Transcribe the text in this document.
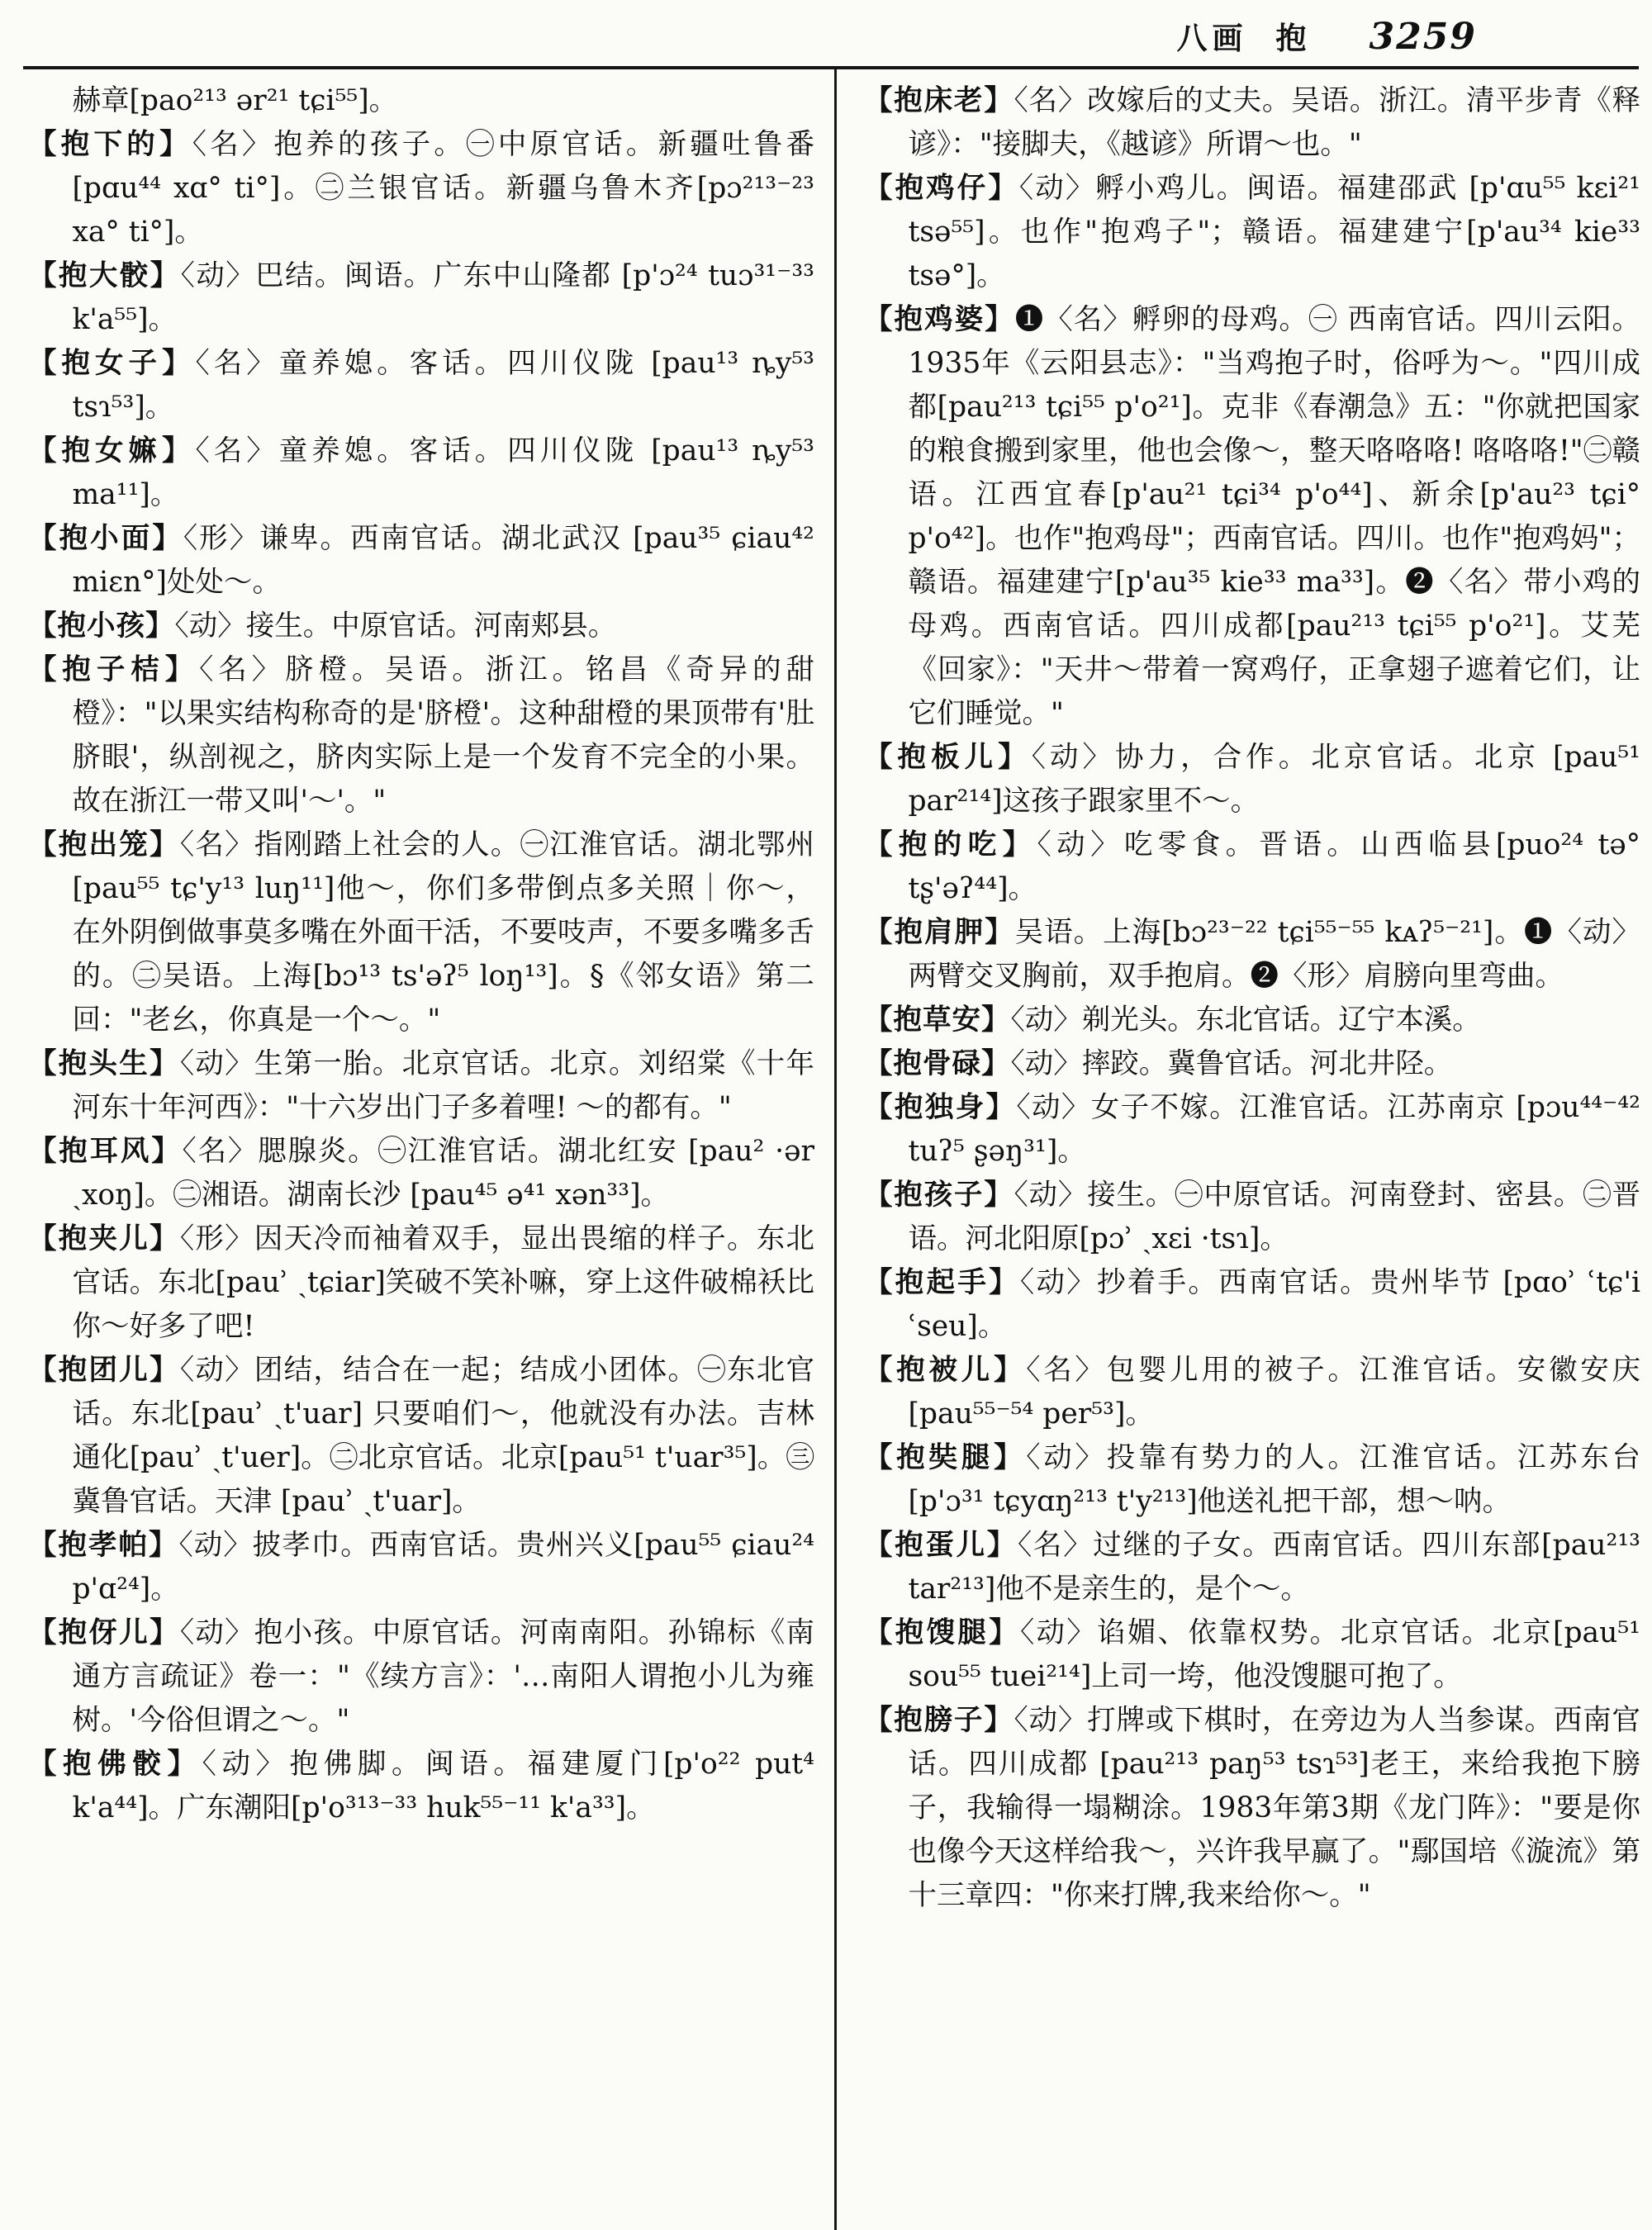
八画 抱 3259
赫章[pao²¹³ ər²¹ tɕi⁵⁵]。
【抱下的】〈名〉抱养的孩子。㊀中原官话。新疆吐鲁番 [pɑu⁴⁴ xɑ° ti°]。㊁兰银官话。新疆乌鲁木齐[pɔ²¹³⁻²³ xa° ti°]。
【抱大骹】〈动〉巴结。闽语。广东中山隆都 [p'ɔ²⁴ tuɔ³¹⁻³³ k'a⁵⁵]。
【抱女子】〈名〉童养媳。客话。四川仪陇 [pau¹³ ȵy⁵³ tsɿ⁵³]。
【抱女嫲】〈名〉童养媳。客话。四川仪陇 [pau¹³ ȵy⁵³ ma¹¹]。
【抱小面】〈形〉谦卑。西南官话。湖北武汉 [pau³⁵ ɕiau⁴² miɛn°]处处～。
【抱小孩】〈动〉接生。中原官话。河南郏县。
【抱子桔】〈名〉脐橙。吴语。浙江。铭昌《奇异的甜橙》："以果实结构称奇的是'脐橙'。这种甜橙的果顶带有'肚脐眼'，纵剖视之，脐肉实际上是一个发育不完全的小果。故在浙江一带又叫'～'。"
【抱出笼】〈名〉指刚踏上社会的人。㊀江淮官话。湖北鄂州[pau⁵⁵ tɕ'y¹³ luŋ¹¹]他～，你们多带倒点多关照｜你～，在外阴倒做事莫多嘴在外面干活，不要吱声，不要多嘴多舌的。㊁吴语。上海[bɔ¹³ ts'əʔ⁵ loŋ¹³]。§《邻女语》第二回："老幺，你真是一个～。"
【抱头生】〈动〉生第一胎。北京官话。北京。刘绍棠《十年河东十年河西》："十六岁出门子多着哩! ～的都有。"
【抱耳风】〈名〉腮腺炎。㊀江淮官话。湖北红安 [pau² ·ər ˎxoŋ]。㊁湘语。湖南长沙 [pau⁴⁵ ə⁴¹ xən³³]。
【抱夹儿】〈形〉因天冷而袖着双手，显出畏缩的样子。东北官话。东北[pauʾ ˎtɕiar]笑破不笑补嘛，穿上这件破棉袄比你～好多了吧!
【抱团儿】〈动〉团结，结合在一起；结成小团体。㊀东北官话。东北[pauʾ ˎt'uar] 只要咱们～，他就没有办法。吉林通化[pauʾ ˎt'uer]。㊁北京官话。北京[pau⁵¹ t'uar³⁵]。㊂冀鲁官话。天津 [pauʾ ˎt'uar]。
【抱孝帕】〈动〉披孝巾。西南官话。贵州兴义[pau⁵⁵ ɕiau²⁴ p'ɑ²⁴]。
【抱伢儿】〈动〉抱小孩。中原官话。河南南阳。孙锦标《南通方言疏证》卷一："《续方言》：'…南阳人谓抱小儿为雍树。'今俗但谓之～。"
【抱佛骹】〈动〉抱佛脚。闽语。福建厦门[p'o²² put⁴ k'a⁴⁴]。广东潮阳[p'o³¹³⁻³³ huk⁵⁵⁻¹¹ k'a³³]。
【抱床老】〈名〉改嫁后的丈夫。吴语。浙江。清平步青《释谚》："接脚夫，《越谚》所谓～也。"
【抱鸡仔】〈动〉孵小鸡儿。闽语。福建邵武 [p'ɑu⁵⁵ kɛi²¹ tsə⁵⁵]。也作"抱鸡子"；赣语。福建建宁[p'au³⁴ kie³³ tsə°]。
【抱鸡婆】❶〈名〉孵卵的母鸡。㊀ 西南官话。四川云阳。1935年《云阳县志》："当鸡抱子时，俗呼为～。"四川成都[pau²¹³ tɕi⁵⁵ p'o²¹]。克非《春潮急》五："你就把国家的粮食搬到家里，他也会像～，整天咯咯咯! 咯咯咯!"㊁赣语。江西宜春[p'au²¹ tɕi³⁴ p'o⁴⁴]、新余[p'au²³ tɕi° p'o⁴²]。也作"抱鸡母"；西南官话。四川。也作"抱鸡妈"；赣语。福建建宁[p'au³⁵ kie³³ ma³³]。❷〈名〉带小鸡的母鸡。西南官话。四川成都[pau²¹³ tɕi⁵⁵ p'o²¹]。艾芜《回家》："天井～带着一窝鸡仔，正拿翅子遮着它们，让它们睡觉。"
【抱板儿】〈动〉协力，合作。北京官话。北京 [pau⁵¹ par²¹⁴]这孩子跟家里不～。
【抱的吃】〈动〉吃零食。晋语。山西临县[puo²⁴ tə° tʂ'əʔ⁴⁴]。
【抱肩胛】吴语。上海[bɔ²³⁻²² tɕi⁵⁵⁻⁵⁵ kᴀʔ⁵⁻²¹]。❶〈动〉两臂交叉胸前，双手抱肩。❷〈形〉肩膀向里弯曲。
【抱草安】〈动〉剃光头。东北官话。辽宁本溪。
【抱骨碌】〈动〉摔跤。冀鲁官话。河北井陉。
【抱独身】〈动〉女子不嫁。江淮官话。江苏南京 [pɔu⁴⁴⁻⁴² tuʔ⁵ ʂəŋ³¹]。
【抱孩子】〈动〉接生。㊀中原官话。河南登封、密县。㊁晋语。河北阳原[pɔʾ ˎxɛi ·tsɿ]。
【抱起手】〈动〉抄着手。西南官话。贵州毕节 [pɑoʾ ʿtɕ'i ʿseu]。
【抱被儿】〈名〉包婴儿用的被子。江淮官话。安徽安庆[pau⁵⁵⁻⁵⁴ per⁵³]。
【抱奘腿】〈动〉投靠有势力的人。江淮官话。江苏东台[p'ɔ³¹ tɕyɑŋ²¹³ t'y²¹³]他送礼把干部，想～呐。
【抱蛋儿】〈名〉过继的子女。西南官话。四川东部[pau²¹³ tar²¹³]他不是亲生的，是个～。
【抱馊腿】〈动〉谄媚、依靠权势。北京官话。北京[pau⁵¹ sou⁵⁵ tuei²¹⁴]上司一垮，他没馊腿可抱了。
【抱膀子】〈动〉打牌或下棋时，在旁边为人当参谋。西南官话。四川成都 [pau²¹³ paŋ⁵³ tsɿ⁵³]老王，来给我抱下膀子，我输得一塌糊涂。1983年第3期《龙门阵》："要是你也像今天这样给我～，兴许我早赢了。"鄢国培《漩流》第十三章四："你来打牌,我来给你～。"
